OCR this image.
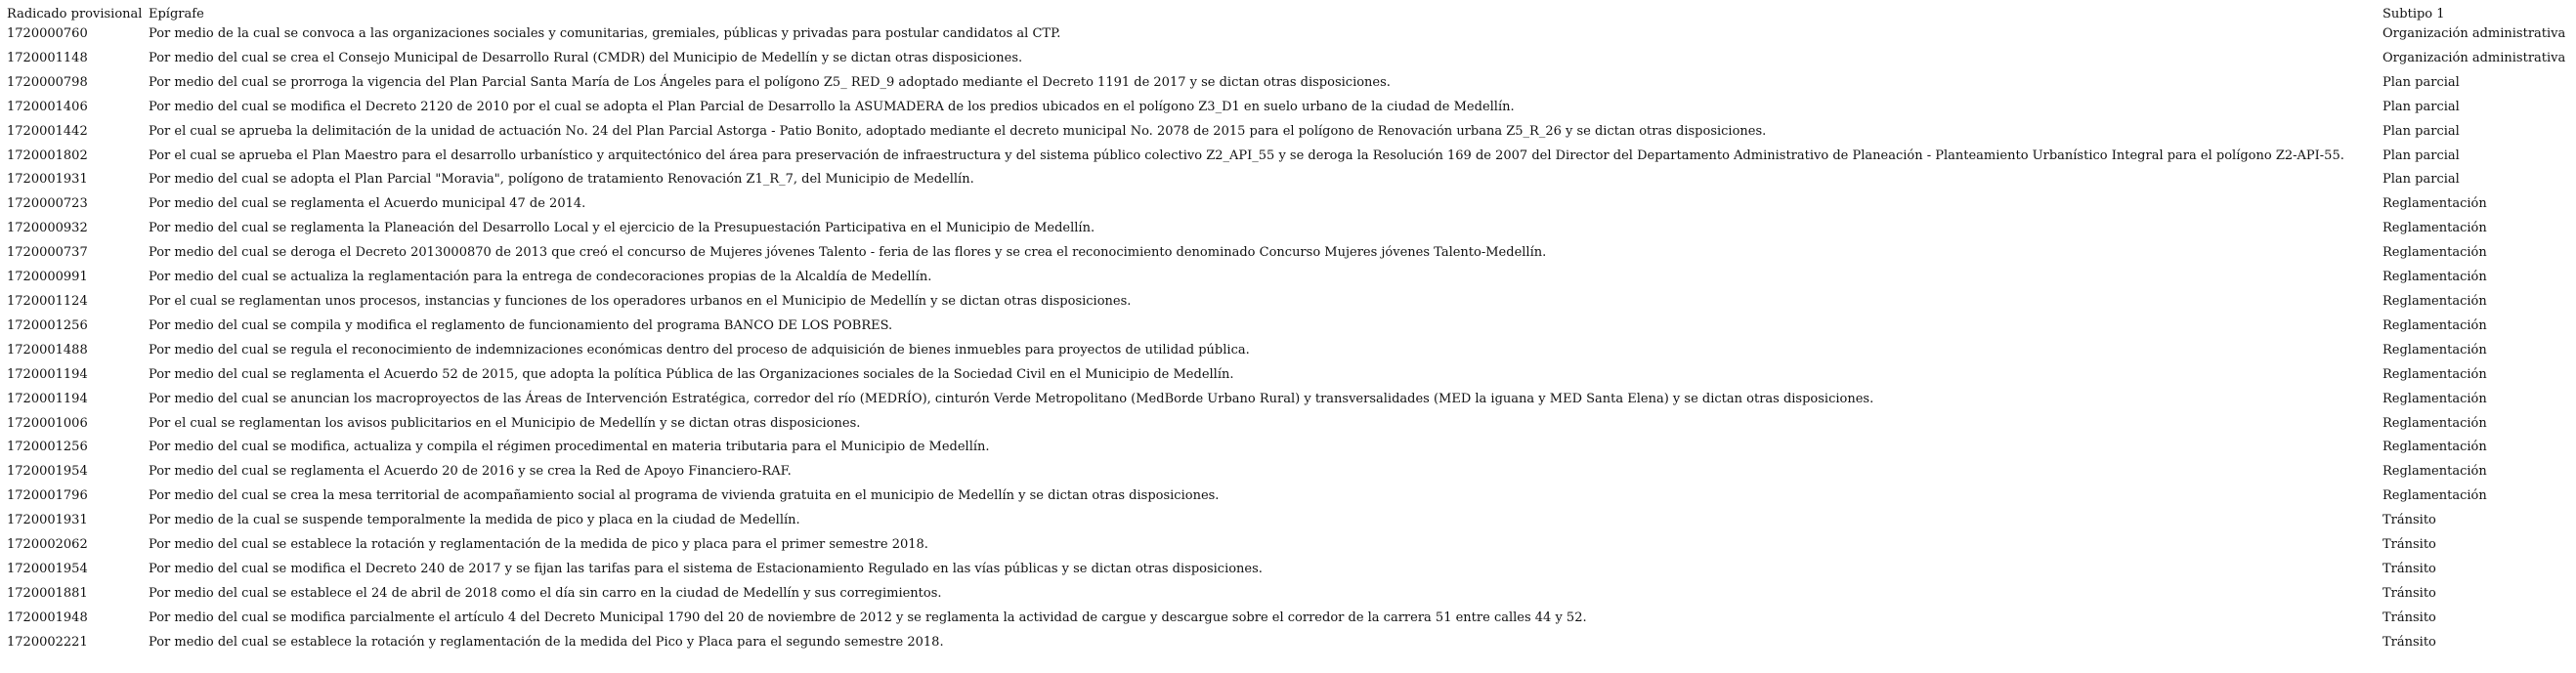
Radicado provisional	Epígrafe	Subtipo 1
1720000760	Por medio de la cual se convoca a las organizaciones sociales y comunitarias, gremiales, públicas y privadas para postular candidatos al CTP.	Organización administrativa
1720001148	Por medio del cual se crea el Consejo Municipal de Desarrollo Rural (CMDR) del Municipio de Medellín y se dictan otras disposiciones.	Organización administrativa
1720000798	Por medio del cual se prorroga la vigencia del Plan Parcial Santa María de Los Ángeles para el polígono Z5_ RED_9 adoptado mediante el Decreto 1191 de 2017 y se dictan otras disposiciones.	Plan parcial
1720001406	Por medio del cual se modifica el Decreto 2120 de 2010 por el cual se adopta el Plan Parcial de Desarrollo la ASUMADERA de los predios ubicados en el polígono Z3_D1 en suelo urbano de la ciudad de Medellín.	Plan parcial
1720001442	Por el cual se aprueba la delimitación de la unidad de actuación No. 24 del Plan Parcial Astorga - Patio Bonito, adoptado mediante el decreto municipal No. 2078 de 2015 para el polígono de Renovación urbana Z5_R_26 y se dictan otras disposiciones.	Plan parcial
1720001802	Por el cual se aprueba el Plan Maestro para el desarrollo urbanístico y arquitectónico del área para preservación de infraestructura y del sistema público colectivo Z2_API_55 y se deroga la Resolución 169 de 2007 del Director del Departamento Administrativo de Planeación - Planteamiento Urbanístico Integral para el polígono Z2-API-55.	Plan parcial
1720001931	Por medio del cual se adopta el Plan Parcial "Moravia", polígono de tratamiento Renovación Z1_R_7, del Municipio de Medellín.	Plan parcial
1720000723	Por medio del cual se reglamenta el Acuerdo municipal 47 de 2014.	Reglamentación
1720000932	Por medio del cual se reglamenta la Planeación del Desarrollo Local y el ejercicio de la Presupuestación Participativa en el Municipio de Medellín.	Reglamentación
1720000737	Por medio del cual se deroga el Decreto 2013000870 de 2013 que creó el concurso de Mujeres jóvenes Talento - feria de las flores y se crea el reconocimiento denominado Concurso Mujeres jóvenes Talento-Medellín.	Reglamentación
1720000991	Por medio del cual se actualiza la reglamentación para la entrega de condecoraciones propias de la Alcaldía de Medellín.	Reglamentación
1720001124	Por el cual se reglamentan unos procesos, instancias y funciones de los operadores urbanos en el Municipio de Medellín y se dictan otras disposiciones.	Reglamentación
1720001256	Por medio del cual se compila y modifica el reglamento de funcionamiento del programa BANCO DE LOS POBRES.	Reglamentación
1720001488	Por medio del cual se regula el reconocimiento de indemnizaciones económicas dentro del proceso de adquisición de bienes inmuebles para proyectos de utilidad pública.	Reglamentación
1720001194	Por medio del cual se reglamenta el Acuerdo 52 de 2015, que adopta la política Pública de las Organizaciones sociales de la Sociedad Civil en el Municipio de Medellín.	Reglamentación
1720001194	Por medio del cual se anuncian los macroproyectos de las Áreas de Intervención Estratégica, corredor del río (MEDRÍO), cinturón Verde Metropolitano (MedBorde Urbano Rural) y transversalidades (MED la iguana y MED Santa Elena) y se dictan otras disposiciones.	Reglamentación
1720001006	Por el cual se reglamentan los avisos publicitarios en el Municipio de Medellín y se dictan otras disposiciones.	Reglamentación
1720001256	Por medio del cual se modifica, actualiza y compila el régimen procedimental en materia tributaria para el Municipio de Medellín.	Reglamentación
1720001954	Por medio del cual se reglamenta el Acuerdo 20 de 2016 y se crea la Red de Apoyo Financiero-RAF.	Reglamentación
1720001796	Por medio del cual se crea la mesa territorial de acompañamiento social al programa de vivienda gratuita en el municipio de Medellín y se dictan otras disposiciones.	Reglamentación
1720001931	Por medio de la cual se suspende temporalmente la medida de pico y placa en la ciudad de Medellín.	Tránsito
1720002062	Por medio del cual se establece la rotación y reglamentación de la medida de pico y placa para el primer semestre 2018.	Tránsito
1720001954	Por medio del cual se modifica el Decreto 240 de 2017 y se fijan las tarifas para el sistema de Estacionamiento Regulado en las vías públicas y se dictan otras disposiciones.	Tránsito
1720001881	Por medio del cual se establece el 24 de abril de 2018 como el día sin carro en la ciudad de Medellín y sus corregimientos.	Tránsito
1720001948	Por medio del cual se modifica parcialmente el artículo 4 del Decreto Municipal 1790 del 20 de noviembre de 2012 y se reglamenta la actividad de cargue y descargue sobre el corredor de la carrera 51 entre calles 44 y 52.	Tránsito
1720002221	Por medio del cual se establece la rotación y reglamentación de la medida del Pico y Placa para el segundo semestre 2018.	Tránsito
